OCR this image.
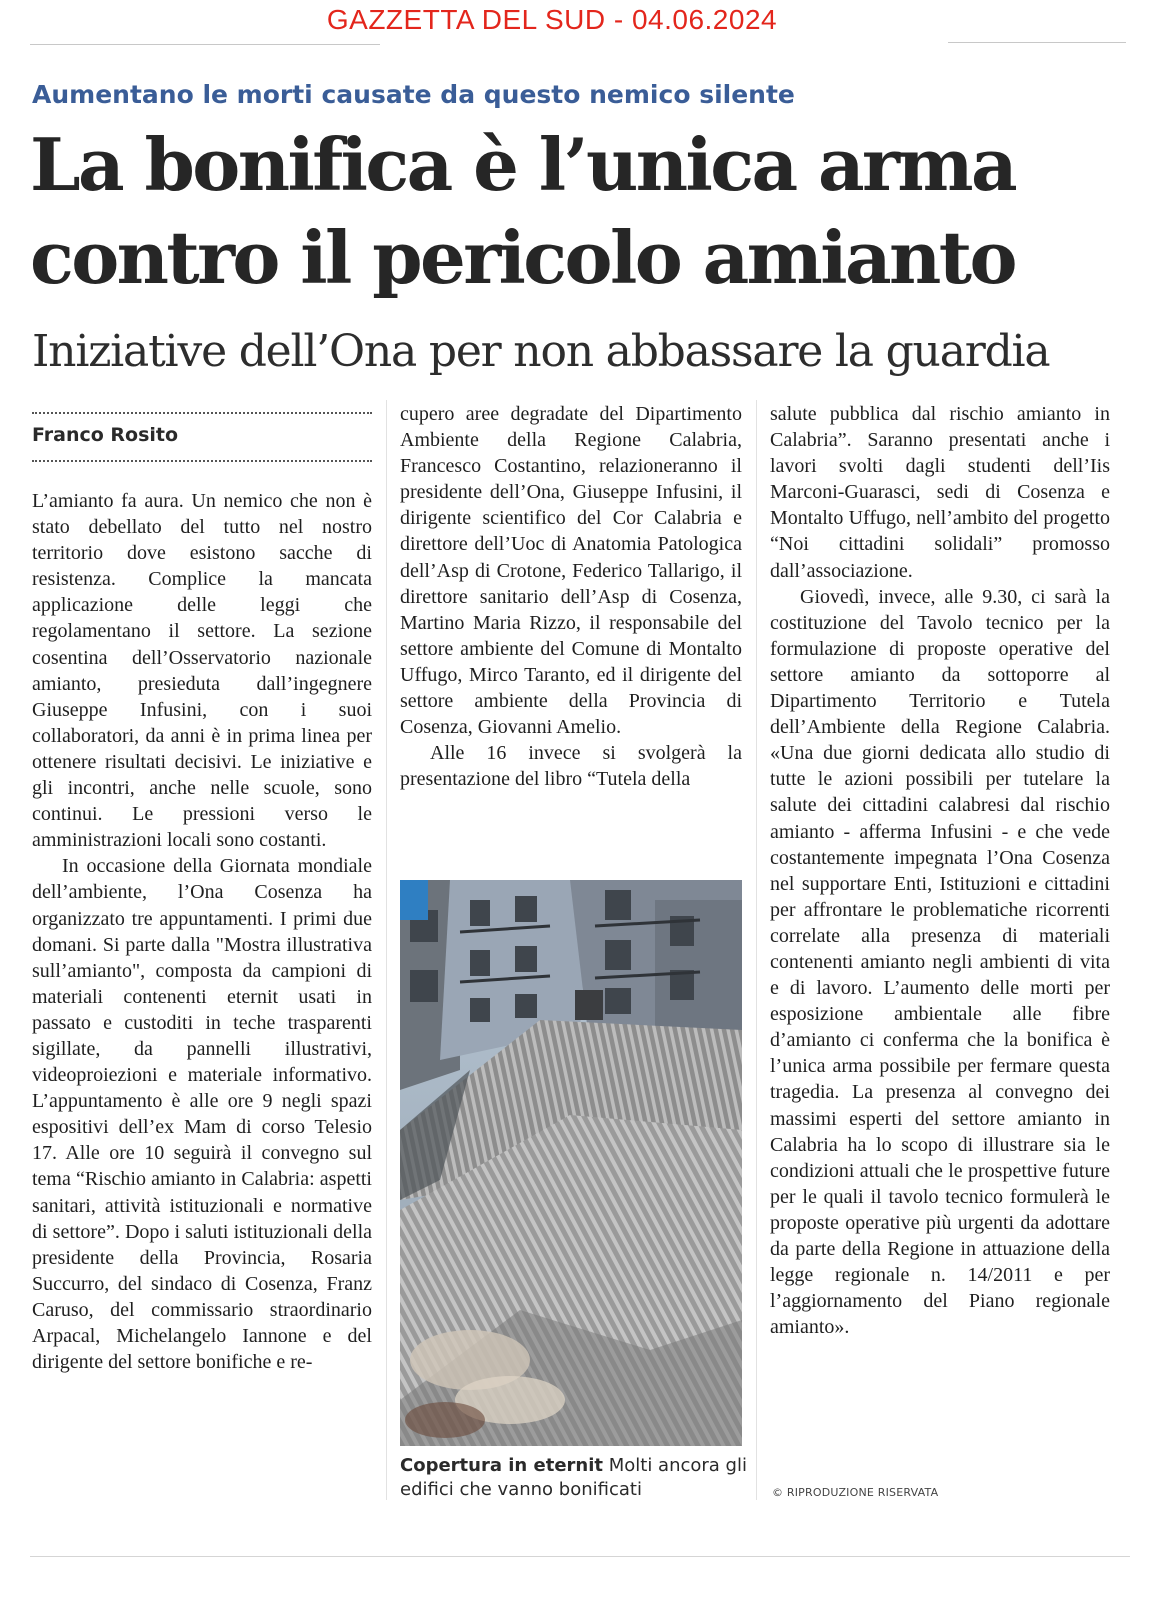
GAZZETTA DEL SUD - 04.06.2024
Aumentano le morti causate da questo nemico silente
La bonifica è l’unica arma
contro il pericolo amianto
Iniziative dell’Ona per non abbassare la guardia
Franco Rosito

L’amianto fa aura. Un nemico che non è stato debellato del tutto nel nostro territorio dove esistono sacche di resistenza. Complice la mancata applicazione delle leggi che regolamentano il settore. La sezione cosentina dell’Osservatorio nazionale amianto, presieduta dall’ingegnere Giuseppe Infusini, con i suoi collaboratori, da anni è in prima linea per ottenere risultati decisivi. Le iniziative e gli incontri, anche nelle scuole, sono continui. Le pressioni verso le amministrazioni locali sono costanti.

In occasione della Giornata mondiale dell’ambiente, l’Ona Cosenza ha organizzato tre appuntamenti. I primi due domani. Si parte dalla "Mostra illustrativa sull’amianto", composta da campioni di materiali contenenti eternit usati in passato e custoditi in teche trasparenti sigillate, da pannelli illustrativi, videoproiezioni e materiale informativo. L’appuntamento è alle ore 9 negli spazi espositivi dell’ex Mam di corso Telesio 17. Alle ore 10 seguirà il convegno sul tema “Rischio amianto in Calabria: aspetti sanitari, attività istituzionali e normative di settore”. Dopo i saluti istituzionali della presidente della Provincia, Rosaria Succurro, del sindaco di Cosenza, Franz Caruso, del commissario straordinario Arpacal, Michelangelo Iannone e del dirigente del settore bonifiche e re-

cupero aree degradate del Dipartimento Ambiente della Regione Calabria, Francesco Costantino, relazioneranno il presidente dell’Ona, Giuseppe Infusini, il dirigente scientifico del Cor Calabria e direttore dell’Uoc di Anatomia Patologica dell’Asp di Crotone, Federico Tallarigo, il direttore sanitario dell’Asp di Cosenza, Martino Maria Rizzo, il responsabile del settore ambiente del Comune di Montalto Uffugo, Mirco Taranto, ed il dirigente del settore ambiente della Provincia di Cosenza, Giovanni Amelio.

Alle 16 invece si svolgerà la presentazione del libro “Tutela della

Copertura in eternit Molti ancora gli edifici che vanno bonificati

salute pubblica dal rischio amianto in Calabria”. Saranno presentati anche i lavori svolti dagli studenti dell’Iis Marconi-Guarasci, sedi di Cosenza e Montalto Uffugo, nell’ambito del progetto “Noi cittadini solidali” promosso dall’associazione.

Giovedì, invece, alle 9.30, ci sarà la costituzione del Tavolo tecnico per la formulazione di proposte operative del settore amianto da sottoporre al Dipartimento Territorio e Tutela dell’Ambiente della Regione Calabria. «Una due giorni dedicata allo studio di tutte le azioni possibili per tutelare la salute dei cittadini calabresi dal rischio amianto - afferma Infusini - e che vede costantemente impegnata l’Ona Cosenza nel supportare Enti, Istituzioni e cittadini per affrontare le problematiche ricorrenti correlate alla presenza di materiali contenenti amianto negli ambienti di vita e di lavoro. L’aumento delle morti per esposizione ambientale alle fibre d’amianto ci conferma che la bonifica è l’unica arma possibile per fermare questa tragedia. La presenza al convegno dei massimi esperti del settore amianto in Calabria ha lo scopo di illustrare sia le condizioni attuali che le prospettive future per le quali il tavolo tecnico formulerà le proposte operative più urgenti da adottare da parte della Regione in attuazione della legge regionale n. 14/2011 e per l’aggiornamento del Piano regionale amianto».

© RIPRODUZIONE RISERVATA
